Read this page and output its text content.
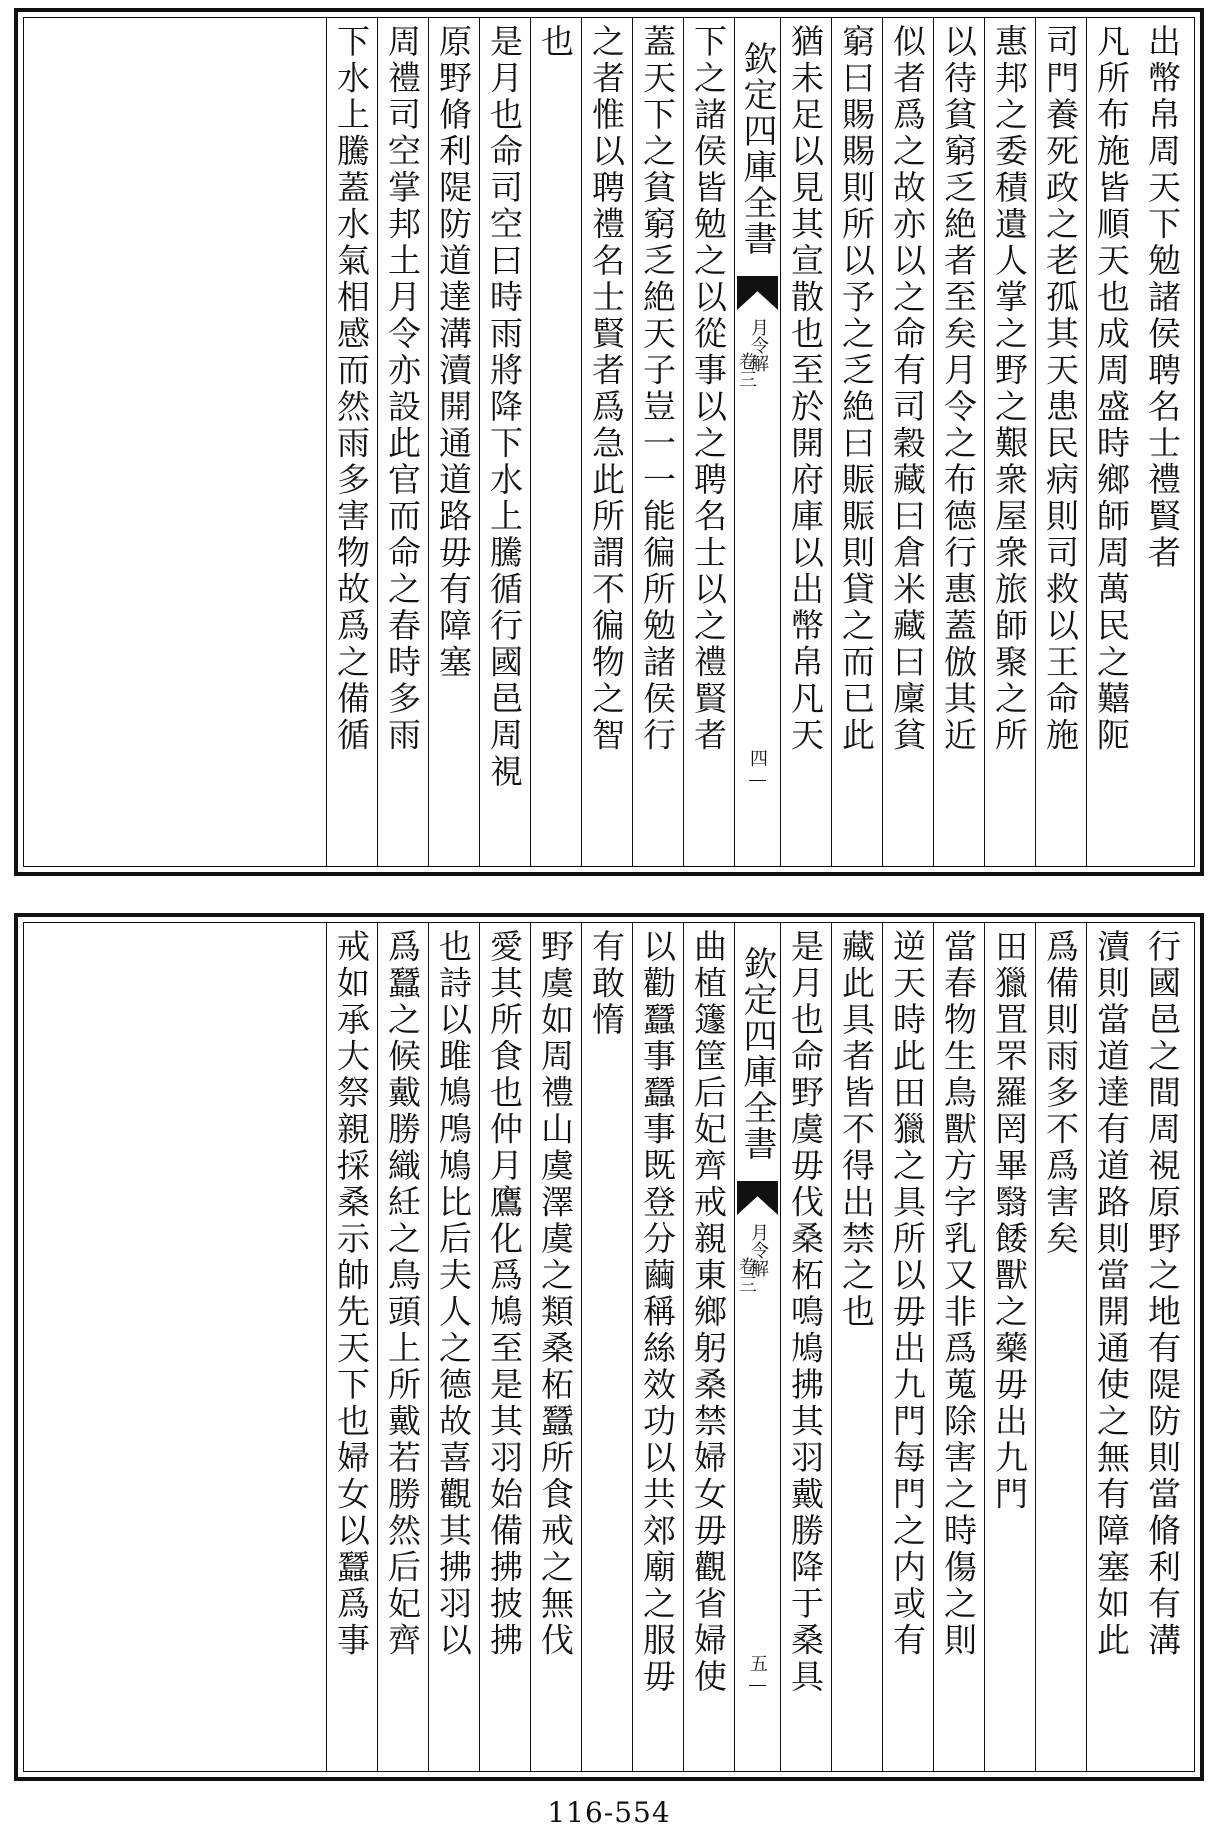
出幣帛周天下勉諸侯聘名士禮賢者
凡所布施皆順天也成周盛時鄉師周萬民之囏阨
司門養死政之老孤其天患民病則司救以王命施
惠邦之委積遺人掌之野之艱衆屋衆旅師聚之所
以待貧窮乏絶者至矣月令之布德行惠蓋倣其近
似者爲之故亦以之命有司穀藏曰倉米藏曰廩貧
窮曰賜賜則所以予之乏絶曰賑賑則貸之而已此
猶未足以見其宣散也至於開府庫以出幣帛凡天
欽定四庫全書
月令解
卷三
四
下之諸侯皆勉之以從事以之聘名士以之禮賢者
蓋天下之貧窮乏絶天子豈一一能徧所勉諸侯行
之者惟以聘禮名士賢者爲急此所謂不徧物之智
也
是月也命司空曰時雨將降下水上騰循行國邑周視
原野脩利隄防道達溝瀆開通道路毋有障塞
周禮司空掌邦土月令亦設此官而命之春時多雨
下水上騰蓋水氣相感而然雨多害物故爲之備循
行國邑之間周視原野之地有隄防則當脩利有溝
瀆則當道達有道路則當開通使之無有障塞如此
爲備則雨多不爲害矣
田獵罝罘羅罔畢翳餧獸之藥毋出九門
當春物生鳥獸方字乳又非爲蒐除害之時傷之則
逆天時此田獵之具所以毋出九門每門之内或有
藏此具者皆不得出禁之也
是月也命野虞毋伐桑柘鳴鳩拂其羽戴勝降于桑具
欽定四庫全書
月令解
卷三
五
曲植籧筐后妃齊戒親東鄉躬桑禁婦女毋觀省婦使
以勸蠶事蠶事既登分繭稱絲效功以共郊廟之服毋
有敢惰
野虞如周禮山虞澤虞之類桑柘蠶所食戒之無伐
愛其所食也仲月鷹化爲鳩至是其羽始備拂披拂
也詩以雎鳩鳲鳩比后夫人之德故喜觀其拂羽以
爲蠶之候戴勝織紝之鳥頭上所戴若勝然后妃齊
戒如承大祭親採桑示帥先天下也婦女以蠶爲事
116-554
